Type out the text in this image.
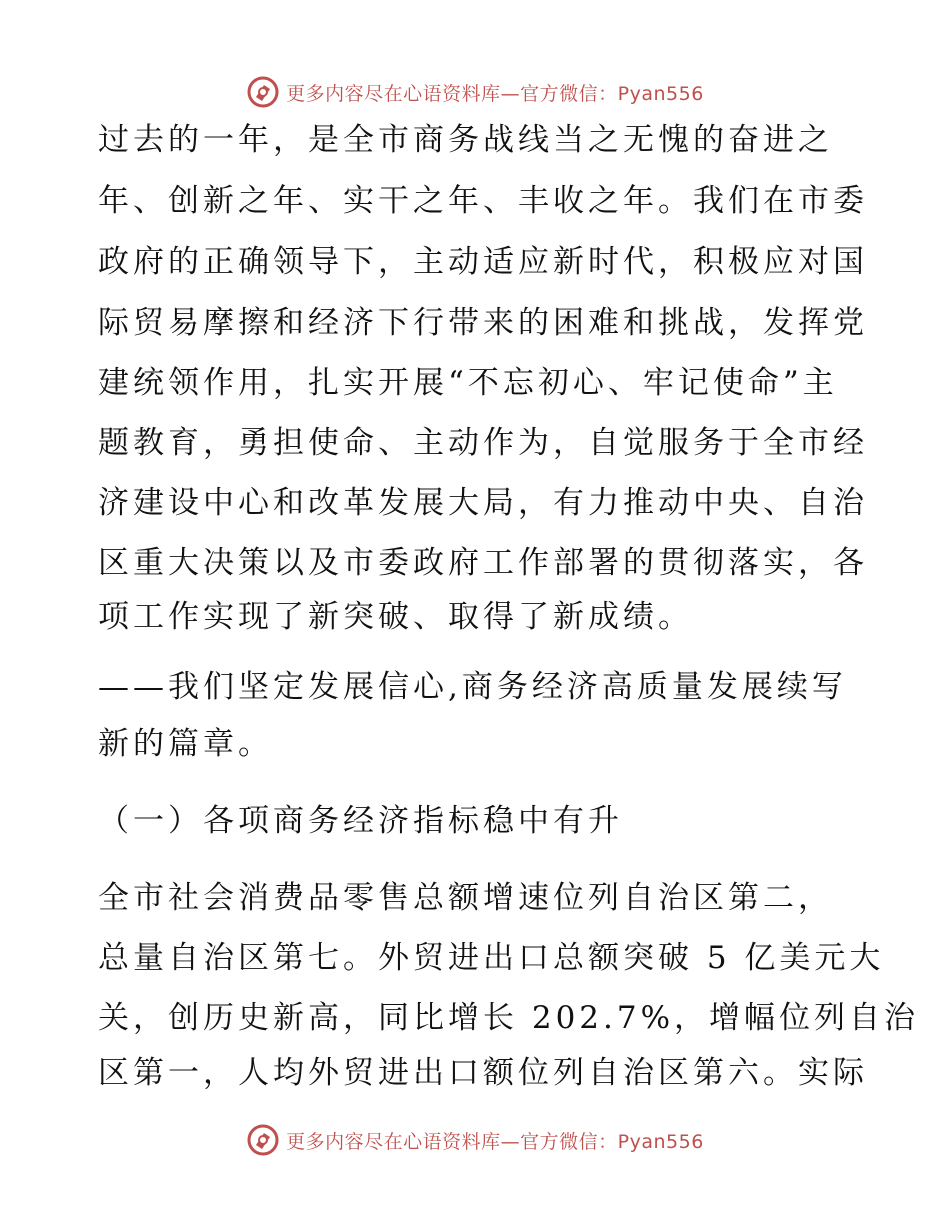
更多内容尽在心语资料库—官方微信：Pyan556
过去的一年，是全市商务战线当之无愧的奋进之
年、创新之年、实干之年、丰收之年。我们在市委
政府的正确领导下，主动适应新时代，积极应对国
际贸易摩擦和经济下行带来的困难和挑战，发挥党
建统领作用，扎实开展“不忘初心、牢记使命”主
题教育，勇担使命、主动作为，自觉服务于全市经
济建设中心和改革发展大局，有力推动中央、自治
区重大决策以及市委政府工作部署的贯彻落实，各
项工作实现了新突破、取得了新成绩。
——我们坚定发展信心,商务经济高质量发展续写
新的篇章。
（一）各项商务经济指标稳中有升
全市社会消费品零售总额增速位列自治区第二，
总量自治区第七。外贸进出口总额突破 5 亿美元大
关，创历史新高，同比增长 202.7%，增幅位列自治
区第一，人均外贸进出口额位列自治区第六。实际
更多内容尽在心语资料库—官方微信：Pyan556
